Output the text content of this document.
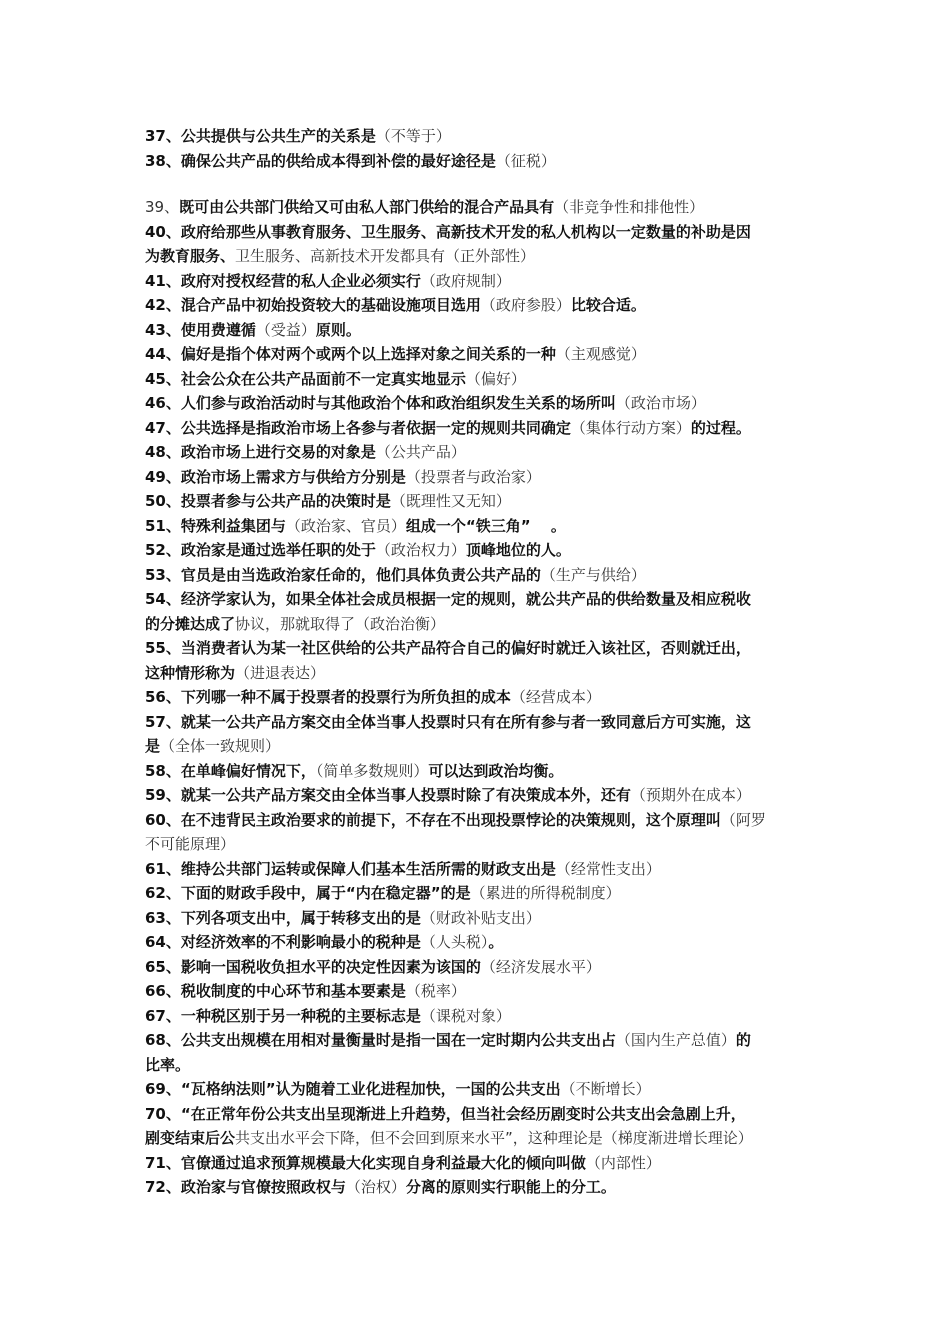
37、公共提供与公共生产的关系是（不等于）
38、确保公共产品的供给成本得到补偿的最好途径是（征税）
39、既可由公共部门供给又可由私人部门供给的混合产品具有（非竞争性和排他性）
40、政府给那些从事教育服务、卫生服务、高新技术开发的私人机构以一定数量的补助是因
为教育服务、卫生服务、高新技术开发都具有（正外部性）
41、政府对授权经营的私人企业必须实行（政府规制）
42、混合产品中初始投资较大的基础设施项目选用（政府参股）比较合适。
43、使用费遵循（受益）原则。
44、偏好是指个体对两个或两个以上选择对象之间关系的一种（主观感觉）
45、社会公众在公共产品面前不一定真实地显示（偏好）
46、人们参与政治活动时与其他政治个体和政治组织发生关系的场所叫（政治市场）
47、公共选择是指政治市场上各参与者依据一定的规则共同确定（集体行动方案）的过程。
48、政治市场上进行交易的对象是（公共产品）
49、政治市场上需求方与供给方分别是（投票者与政治家）
50、投票者参与公共产品的决策时是（既理性又无知）
51、特殊利益集团与（政治家、官员）组成一个“铁三角”　 。
52、政治家是通过选举任职的处于（政治权力）顶峰地位的人。
53、官员是由当选政治家任命的，他们具体负责公共产品的（生产与供给）
54、经济学家认为，如果全体社会成员根据一定的规则，就公共产品的供给数量及相应税收
的分摊达成了协议，那就取得了（政治治衡）
55、当消费者认为某一社区供给的公共产品符合自己的偏好时就迁入该社区，否则就迁出，
这种情形称为（进退表达）
56、下列哪一种不属于投票者的投票行为所负担的成本（经营成本）
57、就某一公共产品方案交由全体当事人投票时只有在所有参与者一致同意后方可实施，这
是（全体一致规则）
58、在单峰偏好情况下，（简单多数规则）可以达到政治均衡。
59、就某一公共产品方案交由全体当事人投票时除了有决策成本外，还有（预期外在成本）
60、在不违背民主政治要求的前提下，不存在不出现投票悖论的决策规则，这个原理叫（阿罗
不可能原理）
61、维持公共部门运转或保障人们基本生活所需的财政支出是（经常性支出）
62、下面的财政手段中，属于“内在稳定器”的是（累进的所得税制度）
63、下列各项支出中，属于转移支出的是（财政补贴支出）
64、对经济效率的不利影响最小的税种是（人头税）。
65、影响一国税收负担水平的决定性因素为该国的（经济发展水平）
66、税收制度的中心环节和基本要素是（税率）
67、一种税区别于另一种税的主要标志是（课税对象）
68、公共支出规模在用相对量衡量时是指一国在一定时期内公共支出占（国内生产总值）的
比率。
69、“瓦格纳法则”认为随着工业化进程加快，一国的公共支出（不断增长）
70、“在正常年份公共支出呈现渐进上升趋势，但当社会经历剧变时公共支出会急剧上升，
剧变结束后公共支出水平会下降，但不会回到原来水平”，这种理论是（梯度渐进增长理论）
71、官僚通过追求预算规模最大化实现自身利益最大化的倾向叫做（内部性）
72、政治家与官僚按照政权与（治权）分离的原则实行职能上的分工。
